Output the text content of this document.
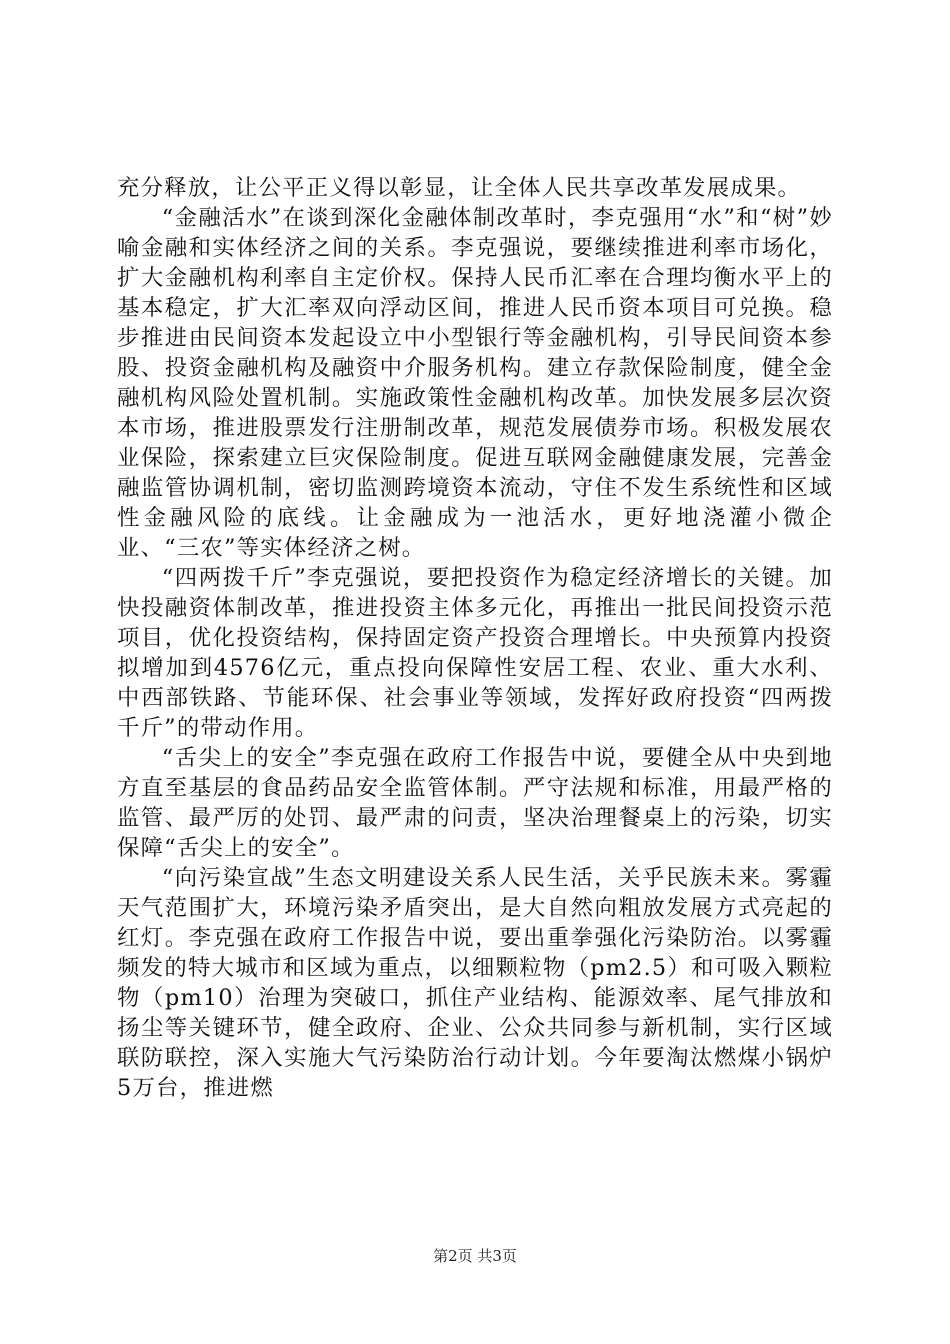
充分释放，让公平正义得以彰显，让全体人民共享改革发展成果。

“金融活水”在谈到深化金融体制改革时，李克强用“水”和“树”妙喻金融和实体经济之间的关系。李克强说，要继续推进利率市场化，扩大金融机构利率自主定价权。保持人民币汇率在合理均衡水平上的基本稳定，扩大汇率双向浮动区间，推进人民币资本项目可兑换。稳步推进由民间资本发起设立中小型银行等金融机构，引导民间资本参股、投资金融机构及融资中介服务机构。建立存款保险制度，健全金融机构风险处置机制。实施政策性金融机构改革。加快发展多层次资本市场，推进股票发行注册制改革，规范发展债券市场。积极发展农业保险，探索建立巨灾保险制度。促进互联网金融健康发展，完善金融监管协调机制，密切监测跨境资本流动，守住不发生系统性和区域性金融风险的底线。让金融成为一池活水，更好地浇灌小微企业、“三农”等实体经济之树。

“四两拨千斤”李克强说，要把投资作为稳定经济增长的关键。加快投融资体制改革，推进投资主体多元化，再推出一批民间投资示范项目，优化投资结构，保持固定资产投资合理增长。中央预算内投资拟增加到4576亿元，重点投向保障性安居工程、农业、重大水利、中西部铁路、节能环保、社会事业等领域，发挥好政府投资“四两拨千斤”的带动作用。

“舌尖上的安全”李克强在政府工作报告中说，要健全从中央到地方直至基层的食品药品安全监管体制。严守法规和标准，用最严格的监管、最严厉的处罚、最严肃的问责，坚决治理餐桌上的污染，切实保障“舌尖上的安全”。

“向污染宣战”生态文明建设关系人民生活，关乎民族未来。雾霾天气范围扩大，环境污染矛盾突出，是大自然向粗放发展方式亮起的红灯。李克强在政府工作报告中说，要出重拳强化污染防治。以雾霾频发的特大城市和区域为重点，以细颗粒物（pm2.5）和可吸入颗粒物（pm10）治理为突破口，抓住产业结构、能源效率、尾气排放和扬尘等关键环节，健全政府、企业、公众共同参与新机制，实行区域联防联控，深入实施大气污染防治行动计划。今年要淘汰燃煤小锅炉5万台，推进燃

第2页 共3页
